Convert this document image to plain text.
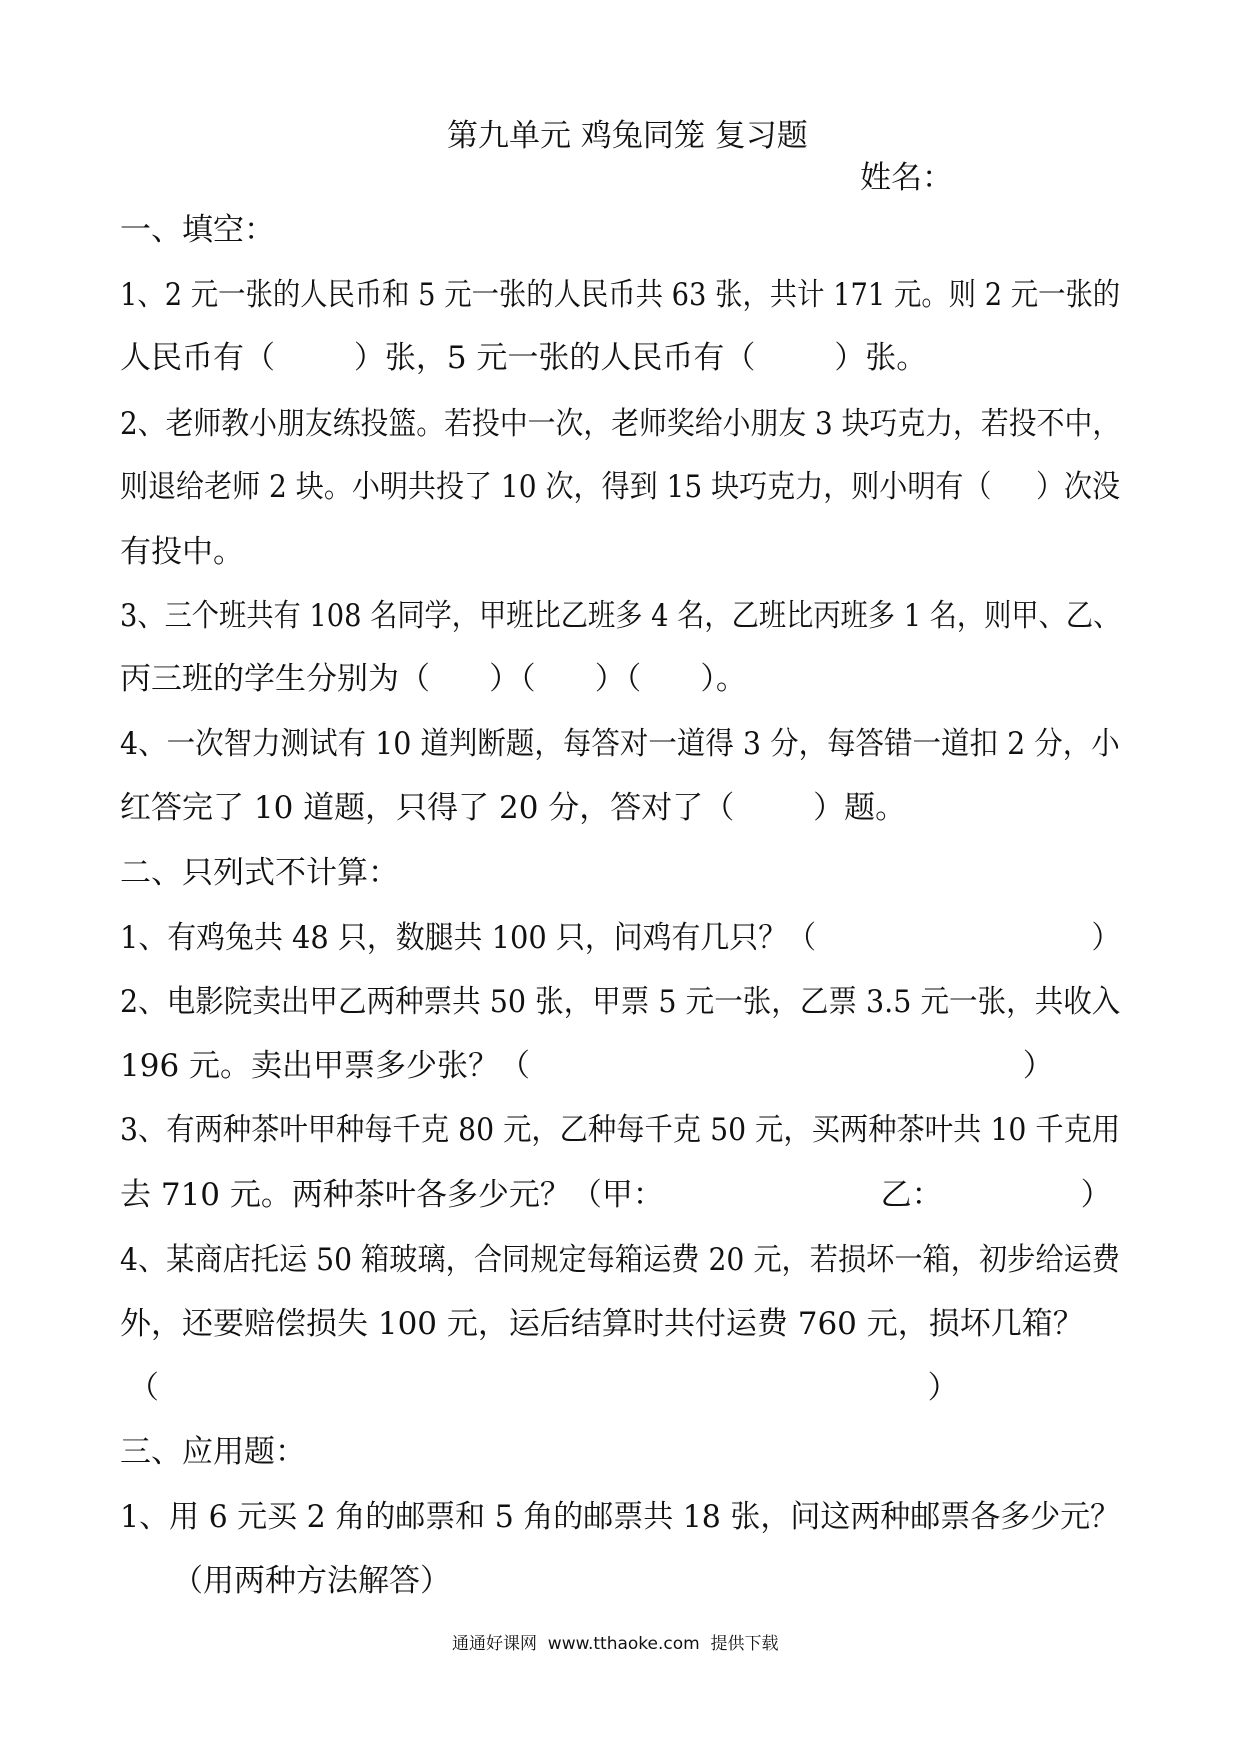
第九单元 鸡兔同笼 复习题
姓名：
一、填空：
1、2 元一张的人民币和 5 元一张的人民币共 63 张，共计 171 元。则 2 元一张的
人民币有（        ）张，5 元一张的人民币有（        ）张。
2、老师教小朋友练投篮。若投中一次，老师奖给小朋友 3 块巧克力，若投不中，
则退给老师 2 块。小明共投了 10 次，得到 15 块巧克力，则小明有（     ）次没
有投中。
3、三个班共有 108 名同学，甲班比乙班多 4 名，乙班比丙班多 1 名，则甲、乙、
丙三班的学生分别为（      ）（      ）（      ）。
4、一次智力测试有 10 道判断题，每答对一道得 3 分，每答错一道扣 2 分，小
红答完了 10 道题，只得了 20 分，答对了（        ）题。
二、只列式不计算：
1、有鸡兔共 48 只，数腿共 100 只，问鸡有几只？（                              ）
2、电影院卖出甲乙两种票共 50 张，甲票 5 元一张，乙票 3.5 元一张，共收入
196 元。卖出甲票多少张？（                                                  ）
3、有两种茶叶甲种每千克 80 元，乙种每千克 50 元，买两种茶叶共 10 千克用
去 710 元。两种茶叶各多少元？（甲：                      乙：              ）
4、某商店托运 50 箱玻璃，合同规定每箱运费 20 元，若损坏一箱，初步给运费
外，还要赔偿损失 100 元，运后结算时共付运费 760 元，损坏几箱？
（                                                                              ）
三、应用题：
1、用 6 元买 2 角的邮票和 5 角的邮票共 18 张，问这两种邮票各多少元？
（用两种方法解答）
通通好课网  www.tthaoke.com  提供下载
